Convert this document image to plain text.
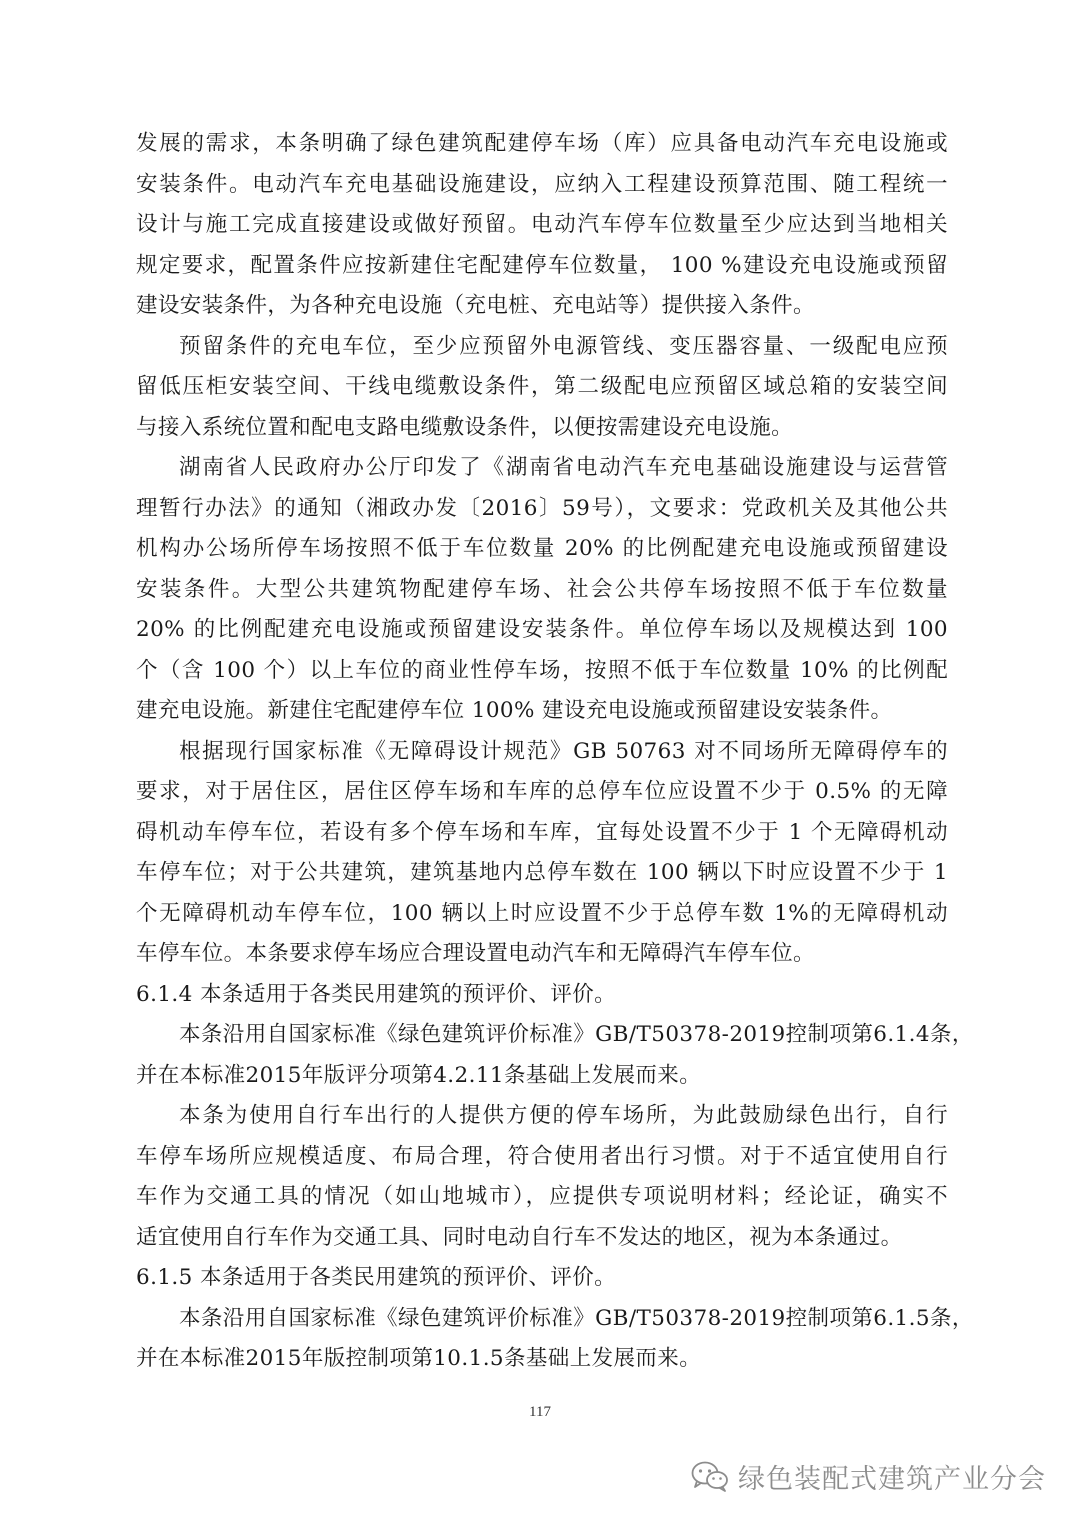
发展的需求，本条明确了绿色建筑配建停车场（库）应具备电动汽车充电设施或
安装条件。电动汽车充电基础设施建设，应纳入工程建设预算范围、随工程统一
设计与施工完成直接建设或做好预留。电动汽车停车位数量至少应达到当地相关
规定要求，配置条件应按新建住宅配建停车位数量， 100 %建设充电设施或预留
建设安装条件，为各种充电设施（充电桩、充电站等）提供接入条件。
预留条件的充电车位，至少应预留外电源管线、变压器容量、一级配电应预
留低压柜安装空间、干线电缆敷设条件，第二级配电应预留区域总箱的安装空间
与接入系统位置和配电支路电缆敷设条件，以便按需建设充电设施。
湖南省人民政府办公厅印发了《湖南省电动汽车充电基础设施建设与运营管
理暂行办法》的通知（湘政办发〔2016〕59号），文要求：党政机关及其他公共
机构办公场所停车场按照不低于车位数量 20% 的比例配建充电设施或预留建设
安装条件。大型公共建筑物配建停车场、社会公共停车场按照不低于车位数量
20% 的比例配建充电设施或预留建设安装条件。单位停车场以及规模达到 100
个（含 100 个）以上车位的商业性停车场，按照不低于车位数量 10% 的比例配
建充电设施。新建住宅配建停车位 100% 建设充电设施或预留建设安装条件。
根据现行国家标准《无障碍设计规范》GB 50763 对不同场所无障碍停车的
要求，对于居住区，居住区停车场和车库的总停车位应设置不少于 0.5% 的无障
碍机动车停车位，若设有多个停车场和车库，宜每处设置不少于 1 个无障碍机动
车停车位；对于公共建筑，建筑基地内总停车数在 100 辆以下时应设置不少于 1
个无障碍机动车停车位，100 辆以上时应设置不少于总停车数 1%的无障碍机动
车停车位。本条要求停车场应合理设置电动汽车和无障碍汽车停车位。
6.1.4 本条适用于各类民用建筑的预评价、评价。
本条沿用自国家标准《绿色建筑评价标准》GB/T50378-2019控制项第6.1.4条，
并在本标准2015年版评分项第4.2.11条基础上发展而来。
本条为使用自行车出行的人提供方便的停车场所，为此鼓励绿色出行，自行
车停车场所应规模适度、布局合理，符合使用者出行习惯。对于不适宜使用自行
车作为交通工具的情况（如山地城市），应提供专项说明材料；经论证，确实不
适宜使用自行车作为交通工具、同时电动自行车不发达的地区，视为本条通过。
6.1.5 本条适用于各类民用建筑的预评价、评价。
本条沿用自国家标准《绿色建筑评价标准》GB/T50378-2019控制项第6.1.5条，
并在本标准2015年版控制项第10.1.5条基础上发展而来。
117
绿色装配式建筑产业分会
